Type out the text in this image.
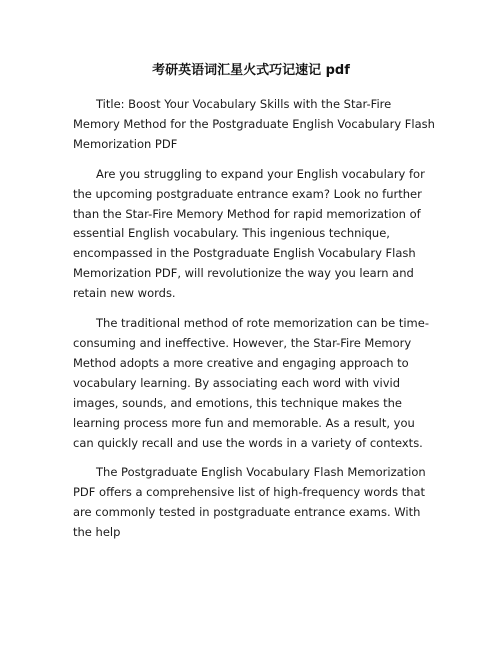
考研英语词汇星火式巧记速记 pdf

Title: Boost Your Vocabulary Skills with the Star-Fire Memory Method for the Postgraduate English Vocabulary Flash Memorization PDF

Are you struggling to expand your English vocabulary for the upcoming postgraduate entrance exam? Look no further than the Star-Fire Memory Method for rapid memorization of essential English vocabulary. This ingenious technique, encompassed in the Postgraduate English Vocabulary Flash Memorization PDF, will revolutionize the way you learn and retain new words.

The traditional method of rote memorization can be time-consuming and ineffective. However, the Star-Fire Memory Method adopts a more creative and engaging approach to vocabulary learning. By associating each word with vivid images, sounds, and emotions, this technique makes the learning process more fun and memorable. As a result, you can quickly recall and use the words in a variety of contexts.

The Postgraduate English Vocabulary Flash Memorization PDF offers a comprehensive list of high-frequency words that are commonly tested in postgraduate entrance exams. With the help
